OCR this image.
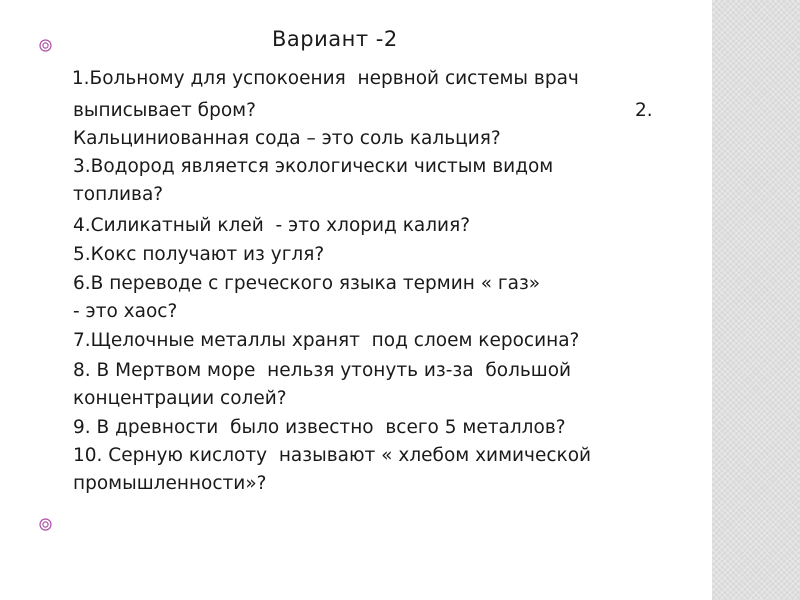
Вариант -2
1.Больному для успокоения  нервной системы врач
выписывает бром?	2.
Кальциниованная сода – это соль кальция?
3.Водород является экологически чистым видом
топлива?
4.Силикатный клей  - это хлорид калия?
5.Кокс получают из угля?
6.В переводе с греческого языка термин « газ»
- это хаос?
7.Щелочные металлы хранят  под слоем керосина?
8. В Мертвом море  нельзя утонуть из-за  большой
концентрации солей?
9. В древности  было известно  всего 5 металлов?
10. Серную кислоту  называют « хлебом химической
промышленности»?
